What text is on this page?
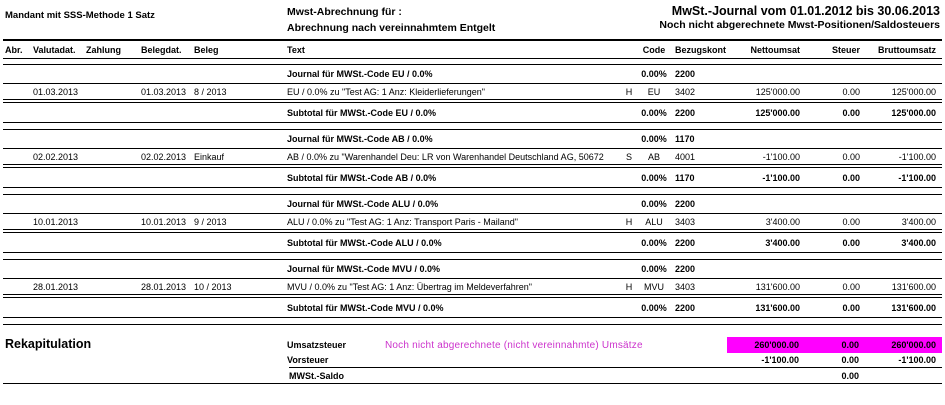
Mandant mit SSS-Methode 1 Satz	Mwst-Abrechnung für :
Abrechnung nach vereinnahmtem Entgelt
MwSt.-Journal vom 01.01.2012 bis 30.06.2013
Noch nicht abgerechnete Mwst-Positionen/Saldosteuers
Abr.	Valutadat.	Zahlung	Belegdat.	Beleg	Text	Code	Bezugskont	Nettoumsat	Steuer	Bruttoumsatz
Journal für MWSt.-Code EU / 0.0%	0.00% 2200
01.03.2013	01.03.2013 8 / 2013	EU / 0.0% zu "Test AG: 1 Anz: Kleiderlieferungen"	H	EU	3402	125'000.00	0.00	125'000.00
Subtotal für MWSt.-Code EU / 0.0%	0.00% 2200	125'000.00	0.00	125'000.00
Journal für MWSt.-Code AB / 0.0%	0.00% 1170
02.02.2013	02.02.2013 Einkauf	AB / 0.0% zu "Warenhandel Deu: LR von Warenhandel Deutschland AG, 50672	S	AB	4001	-1'100.00	0.00	-1'100.00
Subtotal für MWSt.-Code AB / 0.0%	0.00% 1170	-1'100.00	0.00	-1'100.00
Journal für MWSt.-Code ALU / 0.0%	0.00% 2200
10.01.2013	10.01.2013 9 / 2013	ALU / 0.0% zu "Test AG: 1 Anz: Transport Paris - Mailand"	H	ALU	3403	3'400.00	0.00	3'400.00
Subtotal für MWSt.-Code ALU / 0.0%	0.00% 2200	3'400.00	0.00	3'400.00
Journal für MWSt.-Code MVU / 0.0%	0.00% 2200
28.01.2013	28.01.2013 10 / 2013	MVU / 0.0% zu "Test AG: 1 Anz: Übertrag im Meldeverfahren"	H	MVU	3403	131'600.00	0.00	131'600.00
Subtotal für MWSt.-Code MVU / 0.0%	0.00% 2200	131'600.00	0.00	131'600.00
Rekapitulation	Umsatzsteuer	Noch nicht abgerechnete (nicht vereinnahmte) Umsätze	260'000.00	0.00	260'000.00
Vorsteuer	-1'100.00	0.00	-1'100.00
MWSt.-Saldo	0.00
